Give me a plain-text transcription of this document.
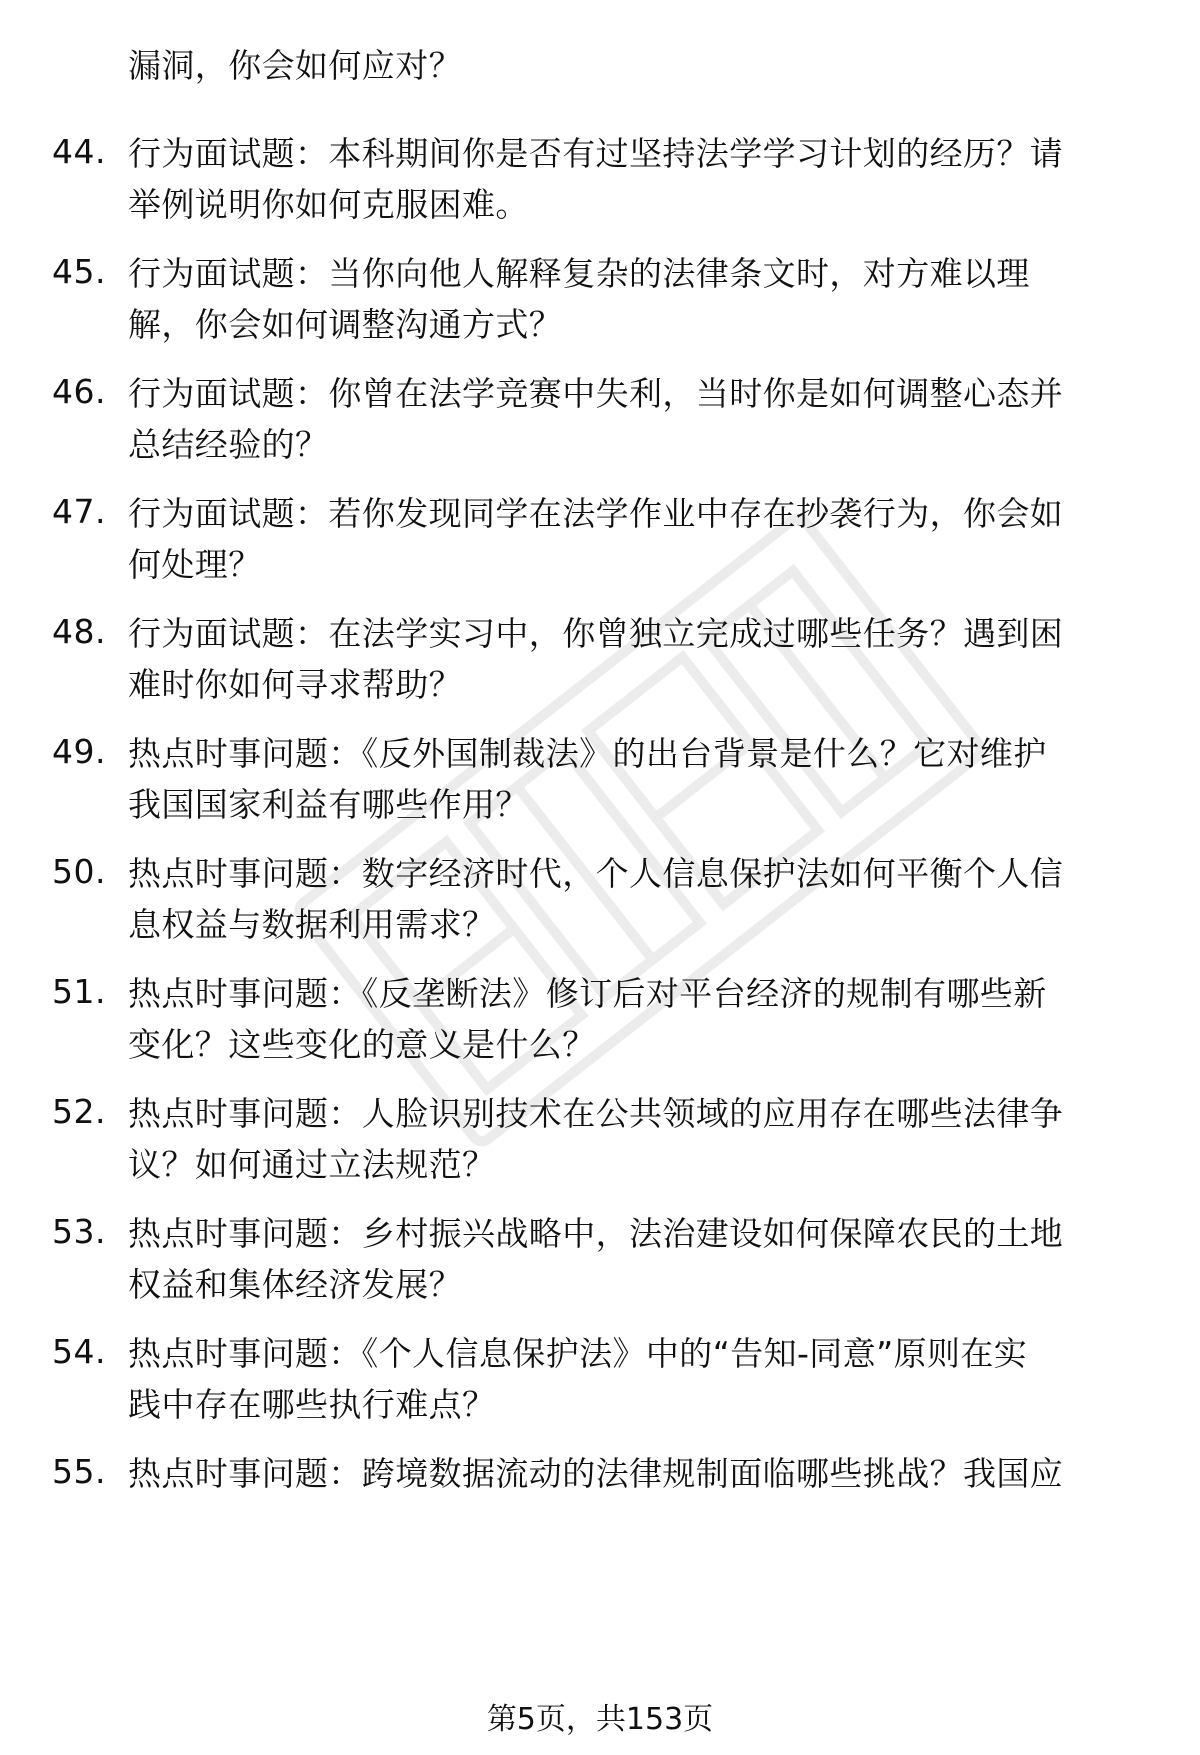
漏洞，你会如何应对？
44. 行为面试题：本科期间你是否有过坚持法学学习计划的经历？请
举例说明你如何克服困难。
45. 行为面试题：当你向他人解释复杂的法律条文时，对方难以理
解，你会如何调整沟通方式？
46. 行为面试题：你曾在法学竞赛中失利，当时你是如何调整心态并
总结经验的？
47. 行为面试题：若你发现同学在法学作业中存在抄袭行为，你会如
何处理？
48. 行为面试题：在法学实习中，你曾独立完成过哪些任务？遇到困
难时你如何寻求帮助？
49. 热点时事问题：《反外国制裁法》的出台背景是什么？它对维护
我国国家利益有哪些作用？
50. 热点时事问题：数字经济时代，个人信息保护法如何平衡个人信
息权益与数据利用需求？
51. 热点时事问题：《反垄断法》修订后对平台经济的规制有哪些新
变化？这些变化的意义是什么？
52. 热点时事问题：人脸识别技术在公共领域的应用存在哪些法律争
议？如何通过立法规范？
53. 热点时事问题：乡村振兴战略中，法治建设如何保障农民的土地
权益和集体经济发展？
54. 热点时事问题：《个人信息保护法》中的“告知-同意”原则在实
践中存在哪些执行难点？
55. 热点时事问题：跨境数据流动的法律规制面临哪些挑战？我国应
第5页，共153页
